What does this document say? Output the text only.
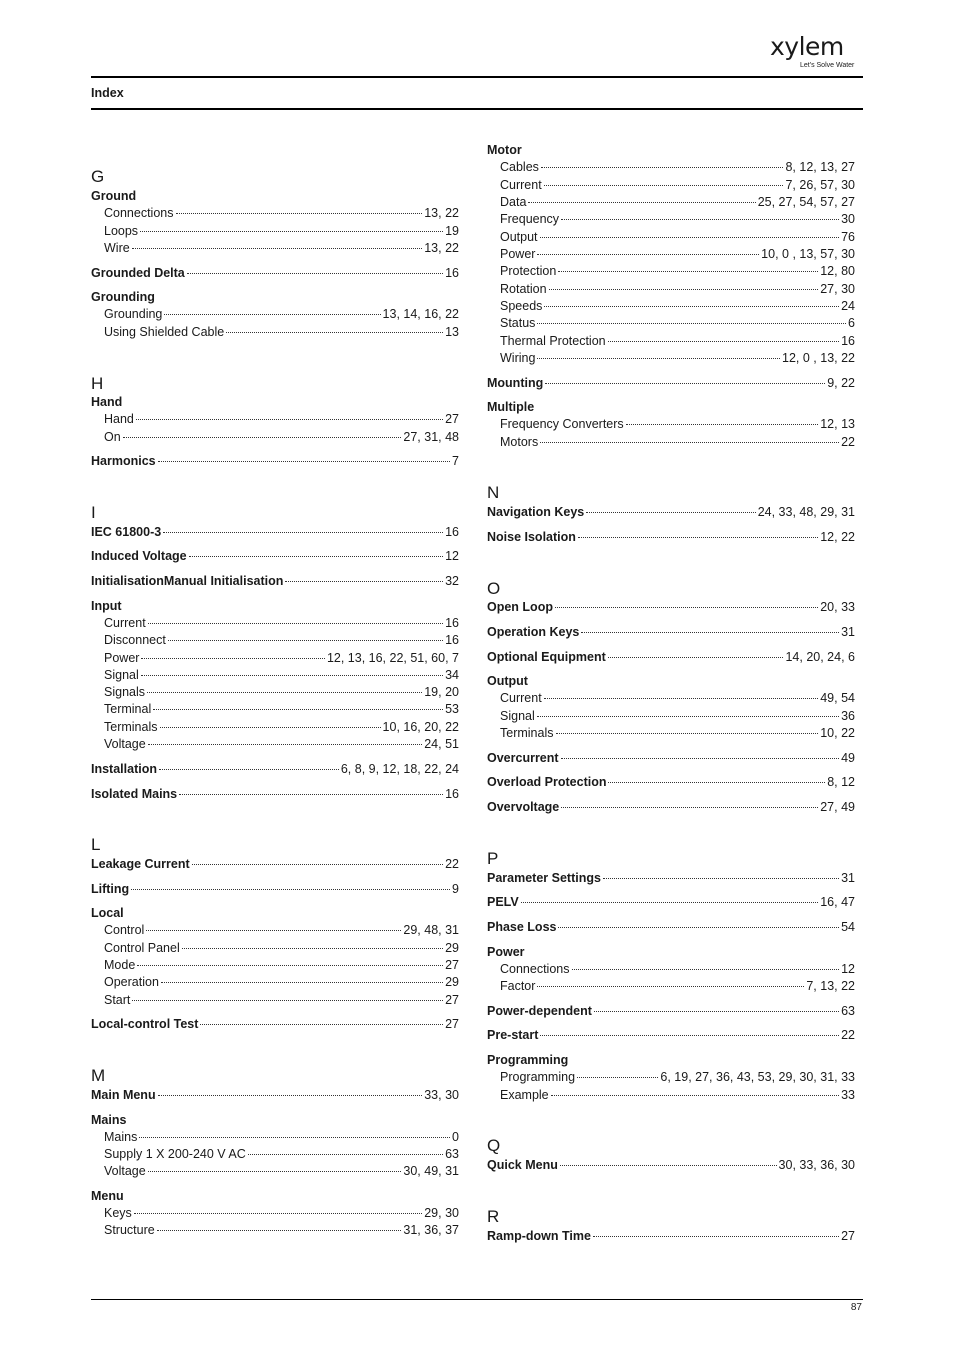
xylem
Let's Solve Water
Index
G
Ground
Connections	13, 22
Loops	19
Wire	13, 22
Grounded Delta	16
Grounding
Grounding	13, 14, 16, 22
Using Shielded Cable	13
H
Hand
Hand	27
On	27, 31, 48
Harmonics	7
I
IEC 61800-3	16
Induced Voltage	12
InitialisationManual Initialisation	32
Input
Current	16
Disconnect	16
Power	12, 13, 16, 22, 51, 60, 7
Signal	34
Signals	19, 20
Terminal	53
Terminals	10, 16, 20, 22
Voltage	24, 51
Installation	6, 8, 9, 12, 18, 22, 24
Isolated Mains	16
L
Leakage Current	22
Lifting	9
Local
Control	29, 48, 31
Control Panel	29
Mode	27
Operation	29
Start	27
Local-control Test	27
M
Main Menu	33, 30
Mains
Mains	0
Supply 1 X 200-240 V AC	63
Voltage	30, 49, 31
Menu
Keys	29, 30
Structure	31, 36, 37
Motor
Cables	8, 12, 13, 27
Current	7, 26, 57, 30
Data	25, 27, 54, 57, 27
Frequency	30
Output	76
Power	10, 0 , 13, 57, 30
Protection	12, 80
Rotation	27, 30
Speeds	24
Status	6
Thermal Protection	16
Wiring	12, 0 , 13, 22
Mounting	9, 22
Multiple
Frequency Converters	12, 13
Motors	22
N
Navigation Keys	24, 33, 48, 29, 31
Noise Isolation	12, 22
O
Open Loop	20, 33
Operation Keys	31
Optional Equipment	14, 20, 24, 6
Output
Current	49, 54
Signal	36
Terminals	10, 22
Overcurrent	49
Overload Protection	8, 12
Overvoltage	27, 49
P
Parameter Settings	31
PELV	16, 47
Phase Loss	54
Power
Connections	12
Factor	7, 13, 22
Power-dependent	63
Pre-start	22
Programming
Programming	6, 19, 27, 36, 43, 53, 29, 30, 31, 33
Example	33
Q
Quick Menu	30, 33, 36, 30
R
Ramp-down Time	27
87
